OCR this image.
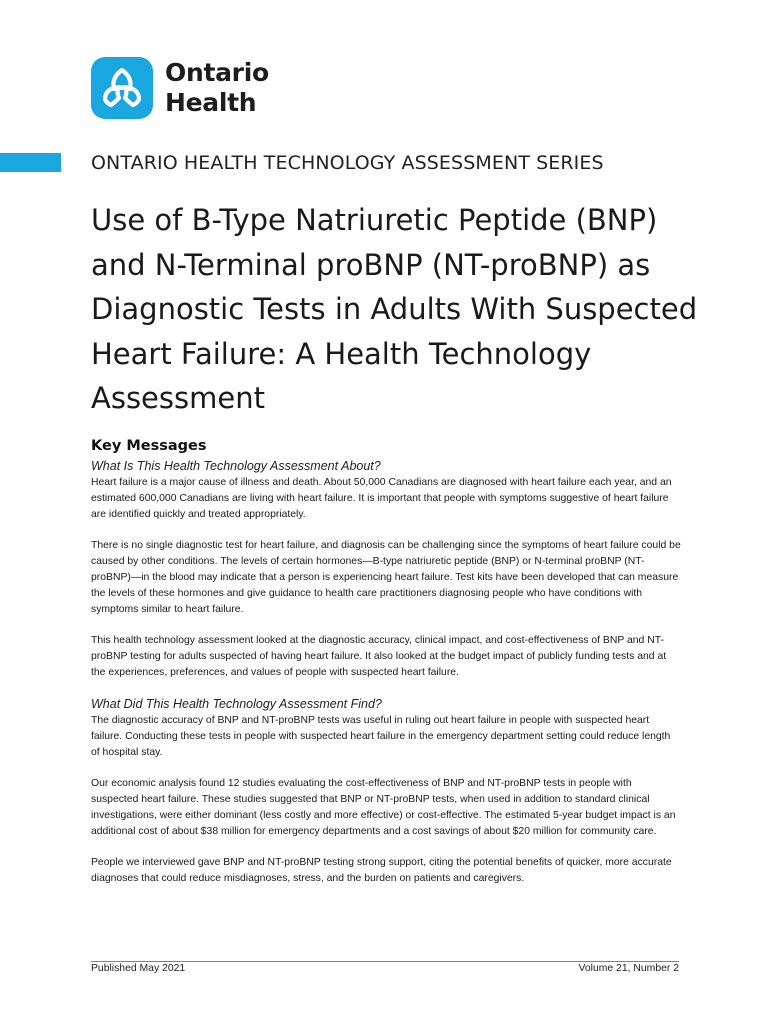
Ontario
Health
ONTARIO HEALTH TECHNOLOGY ASSESSMENT SERIES
Use of B-Type Natriuretic Peptide (BNP) and N-Terminal proBNP (NT-proBNP) as Diagnostic Tests in Adults With Suspected Heart Failure: A Health Technology Assessment
Key Messages
What Is This Health Technology Assessment About?

Heart failure is a major cause of illness and death. About 50,000 Canadians are diagnosed with heart failure each year, and an estimated 600,000 Canadians are living with heart failure. It is important that people with symptoms suggestive of heart failure are identified quickly and treated appropriately.

There is no single diagnostic test for heart failure, and diagnosis can be challenging since the symptoms of heart failure could be caused by other conditions. The levels of certain hormones—B-type natriuretic peptide (BNP) or N-terminal proBNP (NT-proBNP)—in the blood may indicate that a person is experiencing heart failure. Test kits have been developed that can measure the levels of these hormones and give guidance to health care practitioners diagnosing people who have conditions with symptoms similar to heart failure.

This health technology assessment looked at the diagnostic accuracy, clinical impact, and cost-effectiveness of BNP and NT-proBNP testing for adults suspected of having heart failure. It also looked at the budget impact of publicly funding tests and at the experiences, preferences, and values of people with suspected heart failure.

What Did This Health Technology Assessment Find?

The diagnostic accuracy of BNP and NT-proBNP tests was useful in ruling out heart failure in people with suspected heart failure. Conducting these tests in people with suspected heart failure in the emergency department setting could reduce length of hospital stay.

Our economic analysis found 12 studies evaluating the cost-effectiveness of BNP and NT-proBNP tests in people with suspected heart failure. These studies suggested that BNP or NT-proBNP tests, when used in addition to standard clinical investigations, were either dominant (less costly and more effective) or cost-effective. The estimated 5-year budget impact is an additional cost of about $38 million for emergency departments and a cost savings of about $20 million for community care.

People we interviewed gave BNP and NT-proBNP testing strong support, citing the potential benefits of quicker, more accurate diagnoses that could reduce misdiagnoses, stress, and the burden on patients and caregivers.

Published May 2021	Volume 21, Number 2
